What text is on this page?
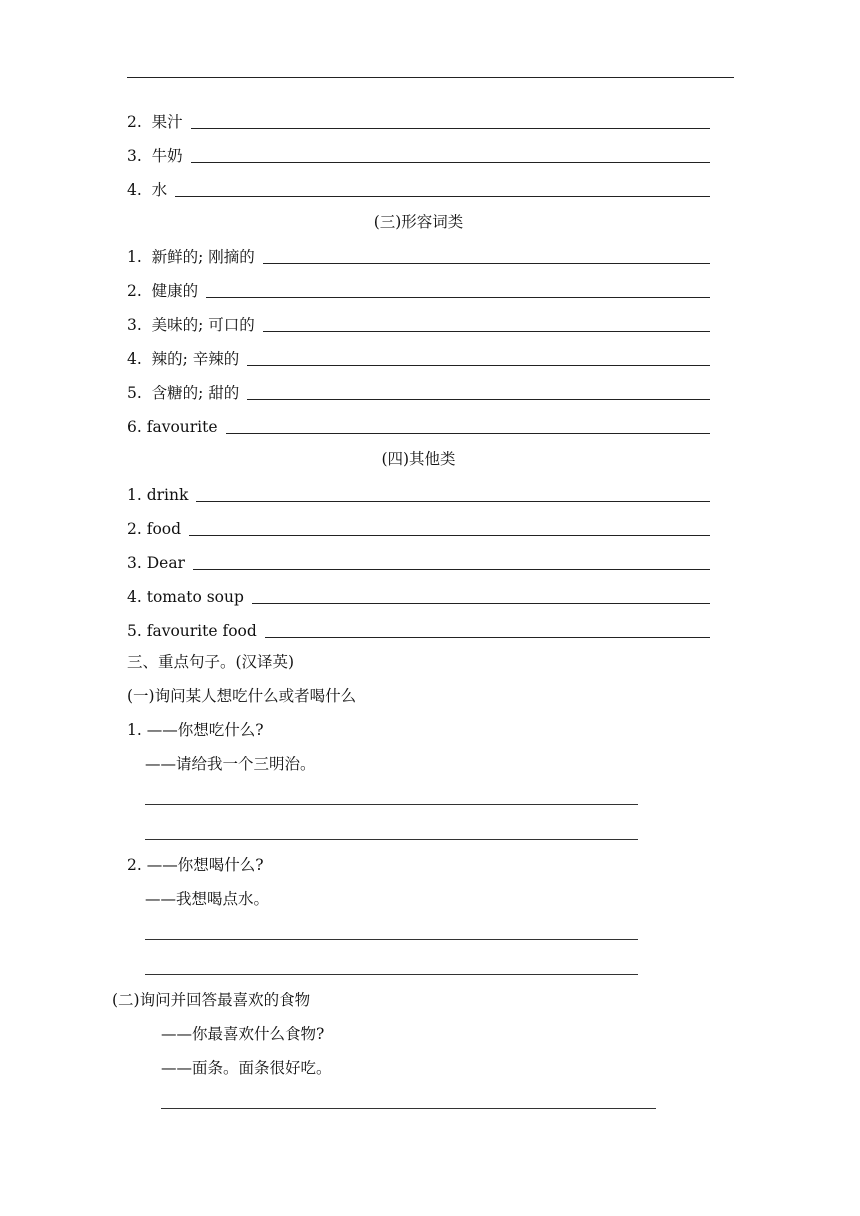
2.  果汁
3.  牛奶
4.  水
(三)形容词类
1.  新鲜的; 刚摘的
2.  健康的
3.  美味的; 可口的
4.  辣的; 辛辣的
5.  含糖的; 甜的
6. favourite
(四)其他类
1. drink
2. food
3. Dear
4. tomato soup
5. favourite food
三、重点句子。(汉译英)
(一)询问某人想吃什么或者喝什么
1. ——你想吃什么?
——请给我一个三明治。
2. ——你想喝什么?
——我想喝点水。
(二)询问并回答最喜欢的食物
——你最喜欢什么食物?
——面条。面条很好吃。
